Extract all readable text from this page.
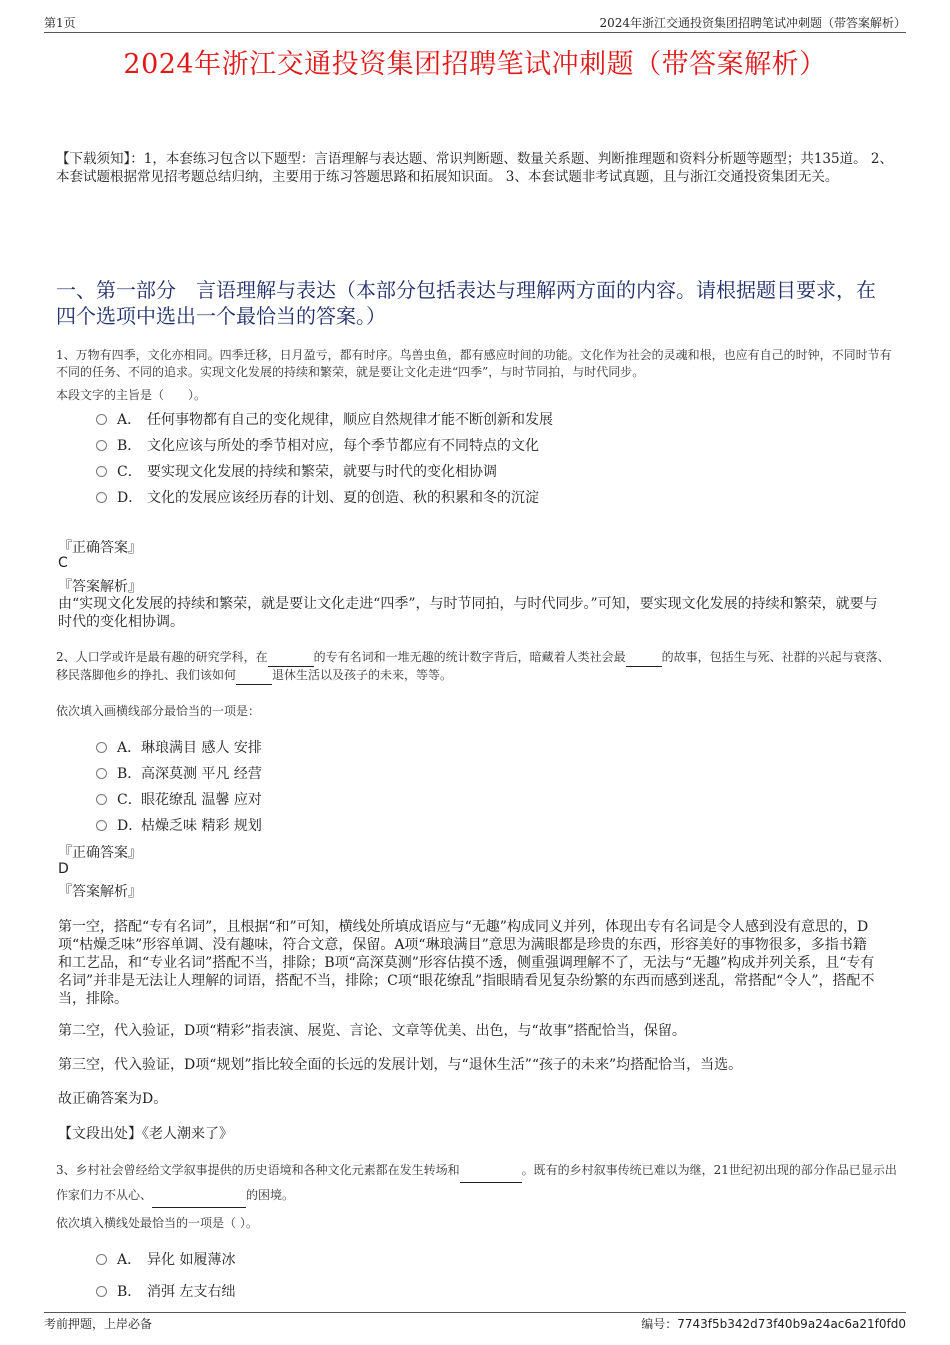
第1页	2024年浙江交通投资集团招聘笔试冲刺题（带答案解析）
2024年浙江交通投资集团招聘笔试冲刺题（带答案解析）
【下载须知】：1，本套练习包含以下题型：言语理解与表达题、常识判断题、数量关系题、判断推理题和资料分析题等题型；共135道。 2、本套试题根据常见招考题总结归纳，主要用于练习答题思路和拓展知识面。 3、本套试题非考试真题，且与浙江交通投资集团无关。
一、第一部分　言语理解与表达（本部分包括表达与理解两方面的内容。请根据题目要求，在四个选项中选出一个最恰当的答案。）
1、万物有四季，文化亦相同。四季迁移，日月盈亏，都有时序。鸟兽虫鱼，都有感应时间的功能。文化作为社会的灵魂和根，也应有自己的时钟，不同时节有不同的任务、不同的追求。实现文化发展的持续和繁荣，就是要让文化走进“四季”，与时节同拍，与时代同步。
本段文字的主旨是（　　）。
A． 任何事物都有自己的变化规律，顺应自然规律才能不断创新和发展
B． 文化应该与所处的季节相对应，每个季节都应有不同特点的文化
C． 要实现文化发展的持续和繁荣，就要与时代的变化相协调
D． 文化的发展应该经历春的计划、夏的创造、秋的积累和冬的沉淀
『正确答案』
C
『答案解析』
由“实现文化发展的持续和繁荣，就是要让文化走进“四季”，与时节同拍，与时代同步。”可知，要实现文化发展的持续和繁荣，就要与时代的变化相协调。
2、人口学或许是最有趣的研究学科，在	的专有名词和一堆无趣的统计数字背后，暗藏着人类社会最	的故事，包括生与死、社群的兴起与衰落、移民落脚他乡的挣扎、我们该如何	退休生活以及孩子的未来，等等。
依次填入画横线部分最恰当的一项是：
A． 琳琅满目 感人 安排
B． 高深莫测 平凡 经营
C． 眼花缭乱 温馨 应对
D．
枯燥乏味 精彩 规划
『正确答案』
D
『答案解析』
第一空，搭配“专有名词”，且根据“和”可知，横线处所填成语应与“无趣”构成同义并列，体现出专有名词是令人感到没有意思的，D项“枯燥乏味”形容单调、没有趣味，符合文意，保留。A项“琳琅满目”意思为满眼都是珍贵的东西，形容美好的事物很多，多指书籍和工艺品，和“专业名词”搭配不当，排除；B项“高深莫测”形容估摸不透，侧重强调理解不了，无法与“无趣”构成并列关系，且“专有名词”并非是无法让人理解的词语，搭配不当，排除；C项“眼花缭乱”指眼睛看见复杂纷繁的东西而感到迷乱，常搭配“令人”，搭配不当，排除。
第二空，代入验证，D项“精彩”指表演、展览、言论、文章等优美、出色，与“故事”搭配恰当，保留。
第三空，代入验证，D项“规划”指比较全面的长远的发展计划，与“退休生活”“孩子的未来”均搭配恰当，当选。
故正确答案为D。
【文段出处】《老人潮来了》
3、乡村社会曾经给文学叙事提供的历史语境和各种文化元素都在发生转场和	。既有的乡村叙事传统已难以为继，21世纪初出现的部分作品已显示出作家们力不从心、	的困境。
依次填入横线处最恰当的一项是（ ）。
A． 异化 如履薄冰
B． 消弭 左支右绌
考前押题，上岸必备	编号：7743f5b342d73f40b9a24ac6a21f0fd0
